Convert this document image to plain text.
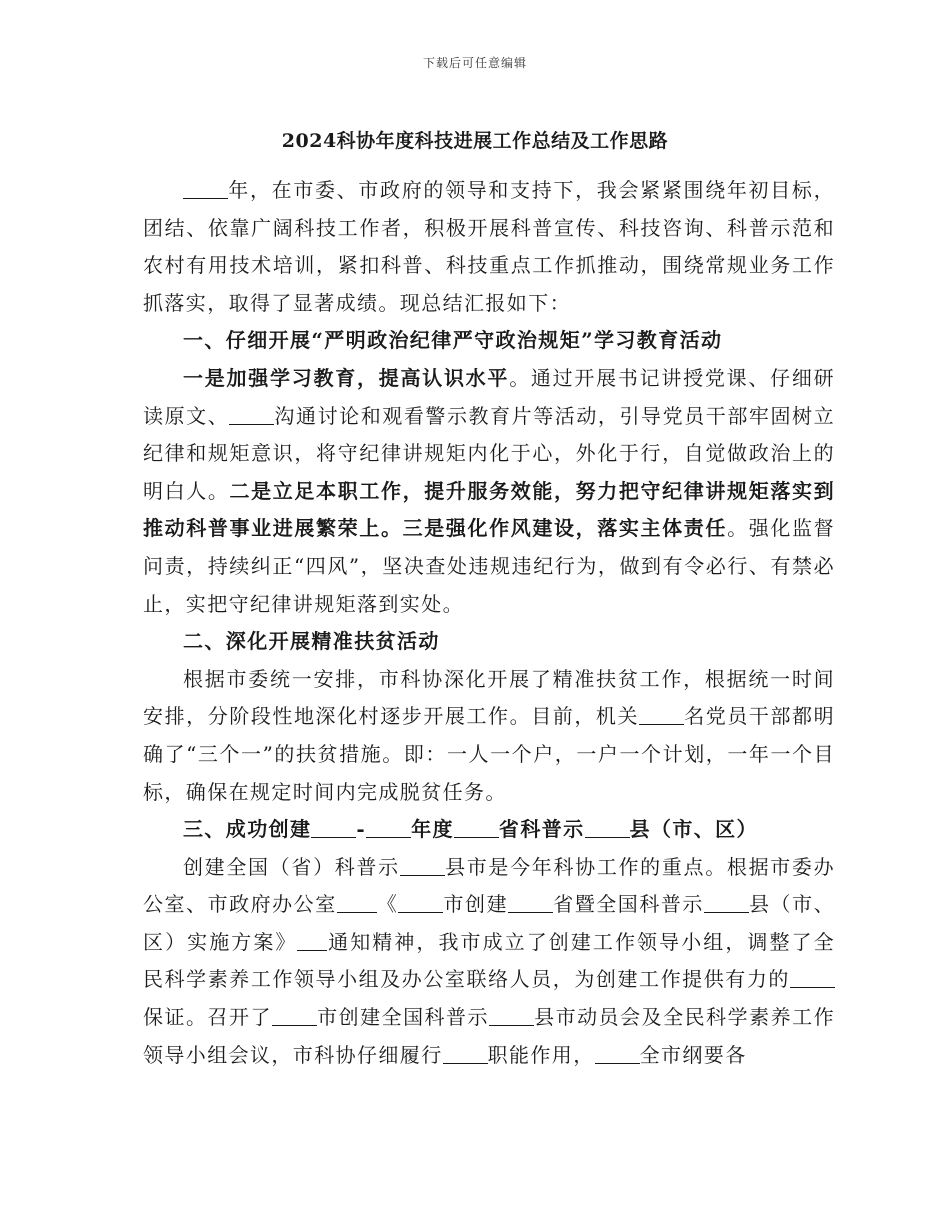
下载后可任意编辑
2024科协年度科技进展工作总结及工作思路

年，在市委、市政府的领导和支持下，我会紧紧围绕年初目标，团结、依靠广阔科技工作者，积极开展科普宣传、科技咨询、科普示范和农村有用技术培训，紧扣科普、科技重点工作抓推动，围绕常规业务工作抓落实，取得了显著成绩。现总结汇报如下：

一、仔细开展“严明政治纪律严守政治规矩”学习教育活动

一是加强学习教育，提高认识水平。通过开展书记讲授党课、仔细研读原文、 沟通讨论和观看警示教育片等活动，引导党员干部牢固树立纪律和规矩意识，将守纪律讲规矩内化于心，外化于行，自觉做政治上的明白人。二是立足本职工作，提升服务效能，努力把守纪律讲规矩落实到推动科普事业进展繁荣上。三是强化作风建设，落实主体责任。强化监督问责，持续纠正“四风”，坚决查处违规违纪行为，做到有令必行、有禁必止，实把守纪律讲规矩落到实处。

二、深化开展精准扶贫活动

根据市委统一安排，市科协深化开展了精准扶贫工作，根据统一时间安排，分阶段性地深化村逐步开展工作。目前，机关 名党员干部都明确了“三个一”的扶贫措施。即：一人一个户，一户一个计划，一年一个目标，确保在规定时间内完成脱贫任务。

三、成功创建 - 年度 省科普示 县（市、区）

创建全国（省）科普示 县市是今年科协工作的重点。根据市委办公室、市政府办公室 《 市创建 省暨全国科普示 县（市、区）实施方案》 通知精神，我市成立了创建工作领导小组，调整了全民科学素养工作领导小组及办公室联络人员，为创建工作提供有力的保证。召开了 市创建全国科普示 县市动员会及全民科学素养工作领导小组会议，市科协仔细履行 职能作用， 全市纲要各
